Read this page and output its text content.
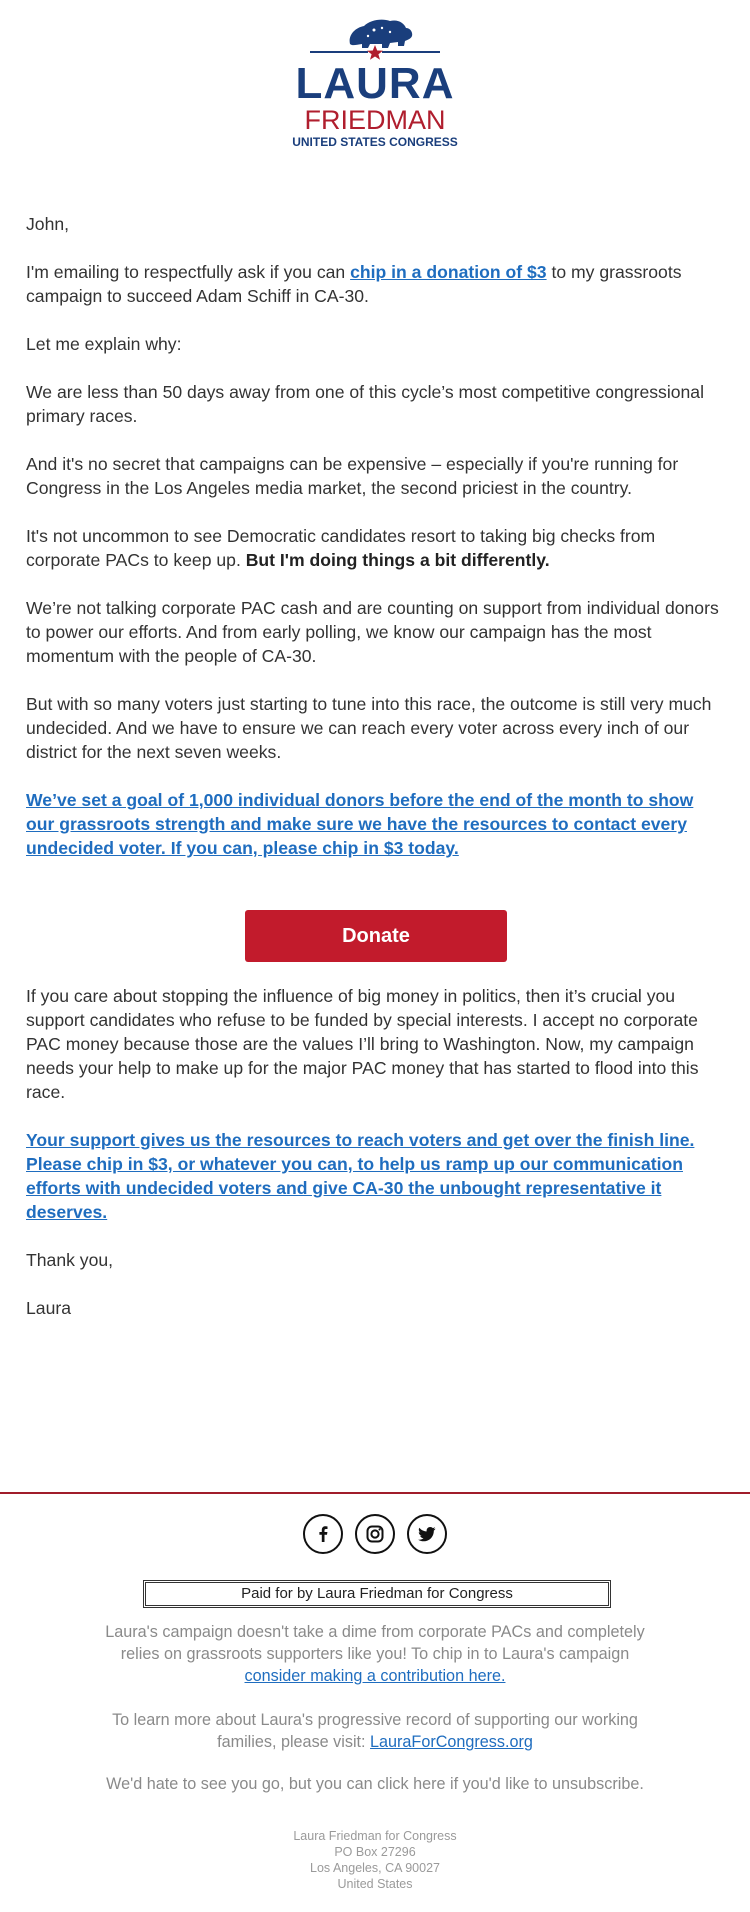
LAURA
FRIEDMAN
UNITED STATES CONGRESS

John,

I'm emailing to respectfully ask if you can chip in a donation of $3 to my grassroots campaign to succeed Adam Schiff in CA-30.

Let me explain why:

We are less than 50 days away from one of this cycle’s most competitive congressional primary races.

And it's no secret that campaigns can be expensive – especially if you're running for Congress in the Los Angeles media market, the second priciest in the country.

It's not uncommon to see Democratic candidates resort to taking big checks from corporate PACs to keep up. But I'm doing things a bit differently.

We’re not talking corporate PAC cash and are counting on support from individual donors to power our efforts. And from early polling, we know our campaign has the most momentum with the people of CA-30.

But with so many voters just starting to tune into this race, the outcome is still very much undecided. And we have to ensure we can reach every voter across every inch of our district for the next seven weeks.

We’ve set a goal of 1,000 individual donors before the end of the month to show our grassroots strength and make sure we have the resources to contact every undecided voter. If you can, please chip in $3 today.

Donate

If you care about stopping the influence of big money in politics, then it’s crucial you support candidates who refuse to be funded by special interests. I accept no corporate PAC money because those are the values I’ll bring to Washington. Now, my campaign needs your help to make up for the major PAC money that has started to flood into this race.

Your support gives us the resources to reach voters and get over the finish line. Please chip in $3, or whatever you can, to help us ramp up our communication efforts with undecided voters and give CA-30 the unbought representative it deserves.

Thank you,

Laura

Paid for by Laura Friedman for Congress
Laura's campaign doesn't take a dime from corporate PACs and completely relies on grassroots supporters like you! To chip in to Laura's campaign
consider making a contribution here.
To learn more about Laura's progressive record of supporting our working families, please visit: LauraForCongress.org
We'd hate to see you go, but you can click here if you'd like to unsubscribe.
Laura Friedman for Congress
PO Box 27296
Los Angeles, CA 90027
United States
